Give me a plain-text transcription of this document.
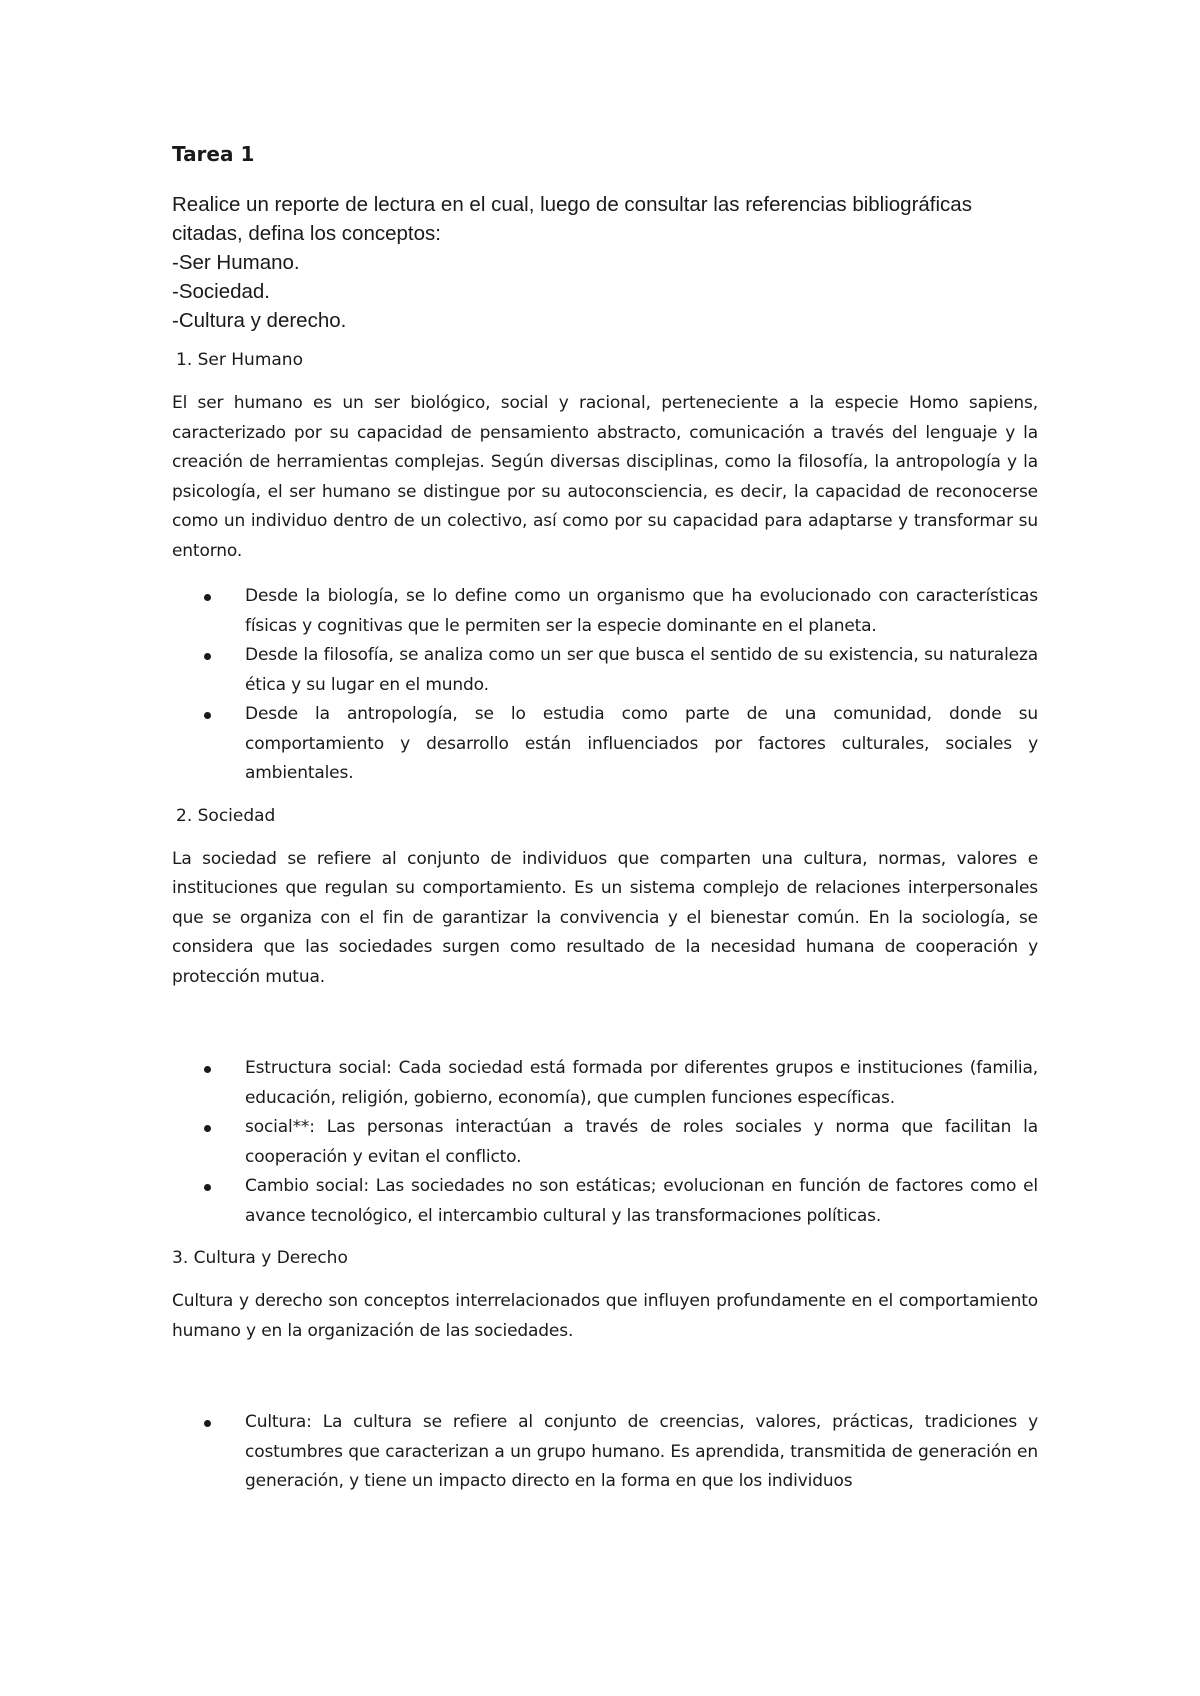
Tarea 1
Realice un reporte de lectura en el cual, luego de consultar las referencias bibliográficas
citadas, defina los conceptos:
-Ser Humano.
-Sociedad.
-Cultura y derecho.
1. Ser Humano
El ser humano es un ser biológico, social y racional, perteneciente a la especie Homo sapiens, caracterizado por su capacidad de pensamiento abstracto, comunicación a través del lenguaje y la creación de herramientas complejas. Según diversas disciplinas, como la filosofía, la antropología y la psicología, el ser humano se distingue por su autoconsciencia, es decir, la capacidad de reconocerse como un individuo dentro de un colectivo, así como por su capacidad para adaptarse y transformar su entorno.
Desde la biología, se lo define como un organismo que ha evolucionado con características físicas y cognitivas que le permiten ser la especie dominante en el planeta.
Desde la filosofía, se analiza como un ser que busca el sentido de su existencia, su naturaleza ética y su lugar en el mundo.
Desde la antropología, se lo estudia como parte de una comunidad, donde su comportamiento y desarrollo están influenciados por factores culturales, sociales y ambientales.
2. Sociedad
La sociedad se refiere al conjunto de individuos que comparten una cultura, normas, valores e instituciones que regulan su comportamiento. Es un sistema complejo de relaciones interpersonales que se organiza con el fin de garantizar la convivencia y el bienestar común. En la sociología, se considera que las sociedades surgen como resultado de la necesidad humana de cooperación y protección mutua.
Estructura social: Cada sociedad está formada por diferentes grupos e instituciones (familia, educación, religión, gobierno, economía), que cumplen funciones específicas.
social**: Las personas interactúan a través de roles sociales y norma que facilitan la cooperación y evitan el conflicto.
Cambio social: Las sociedades no son estáticas; evolucionan en función de factores como el avance tecnológico, el intercambio cultural y las transformaciones políticas.
3. Cultura y Derecho
Cultura y derecho son conceptos interrelacionados que influyen profundamente en el comportamiento humano y en la organización de las sociedades.
Cultura: La cultura se refiere al conjunto de creencias, valores, prácticas, tradiciones y costumbres que caracterizan a un grupo humano. Es aprendida, transmitida de generación en generación, y tiene un impacto directo en la forma en que los individuos
